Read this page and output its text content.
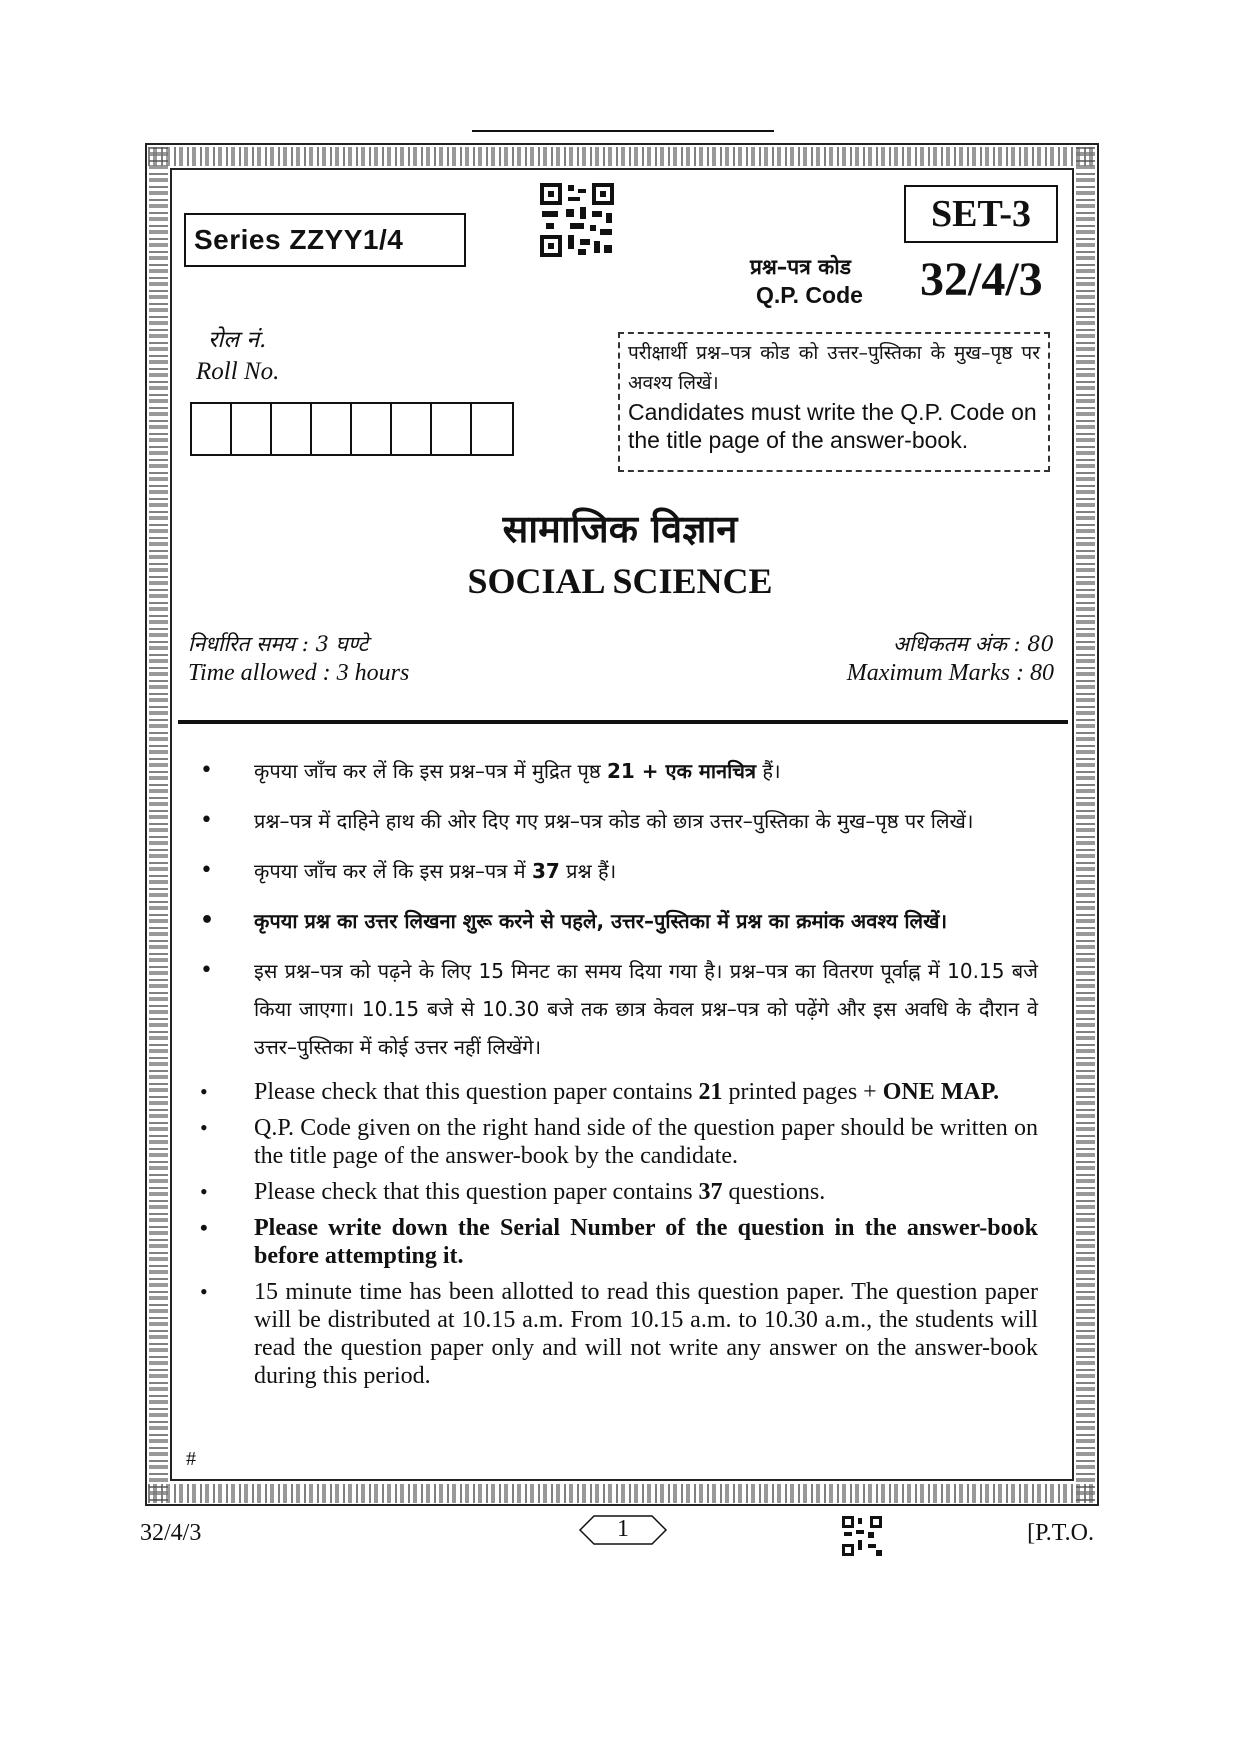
Series ZZYY1/4
SET-3
प्रश्न–पत्र कोड
Q.P. Code 32/4/3
रोल नं.
Roll No.
परीक्षार्थी प्रश्न–पत्र कोड को उत्तर–पुस्तिका के मुख–पृष्ठ पर अवश्य लिखें।
Candidates must write the Q.P. Code on the title page of the answer-book.
सामाजिक विज्ञान
SOCIAL SCIENCE
निर्धारित समय : 3 घण्टे
Time allowed : 3 hours
अधिकतम अंक : 80
Maximum Marks : 80
• कृपया जाँच कर लें कि इस प्रश्न–पत्र में मुद्रित पृष्ठ 21 + एक मानचित्र हैं।
• प्रश्न–पत्र में दाहिने हाथ की ओर दिए गए प्रश्न–पत्र कोड को छात्र उत्तर–पुस्तिका के मुख–पृष्ठ पर लिखें।
• कृपया जाँच कर लें कि इस प्रश्न–पत्र में 37 प्रश्न हैं।
• कृपया प्रश्न का उत्तर लिखना शुरू करने से पहले, उत्तर–पुस्तिका में प्रश्न का क्रमांक अवश्य लिखें।
• इस प्रश्न–पत्र को पढ़ने के लिए 15 मिनट का समय दिया गया है। प्रश्न–पत्र का वितरण पूर्वाह्न में 10.15 बजे किया जाएगा। 10.15 बजे से 10.30 बजे तक छात्र केवल प्रश्न–पत्र को पढ़ेंगे और इस अवधि के दौरान वे उत्तर–पुस्तिका में कोई उत्तर नहीं लिखेंगे।
• Please check that this question paper contains 21 printed pages + ONE MAP.
• Q.P. Code given on the right hand side of the question paper should be written on the title page of the answer-book by the candidate.
• Please check that this question paper contains 37 questions.
• Please write down the Serial Number of the question in the answer-book before attempting it.
• 15 minute time has been allotted to read this question paper. The question paper will be distributed at 10.15 a.m. From 10.15 a.m. to 10.30 a.m., the students will read the question paper only and will not write any answer on the answer-book during this period.
#
32/4/3	1	[P.T.O.
